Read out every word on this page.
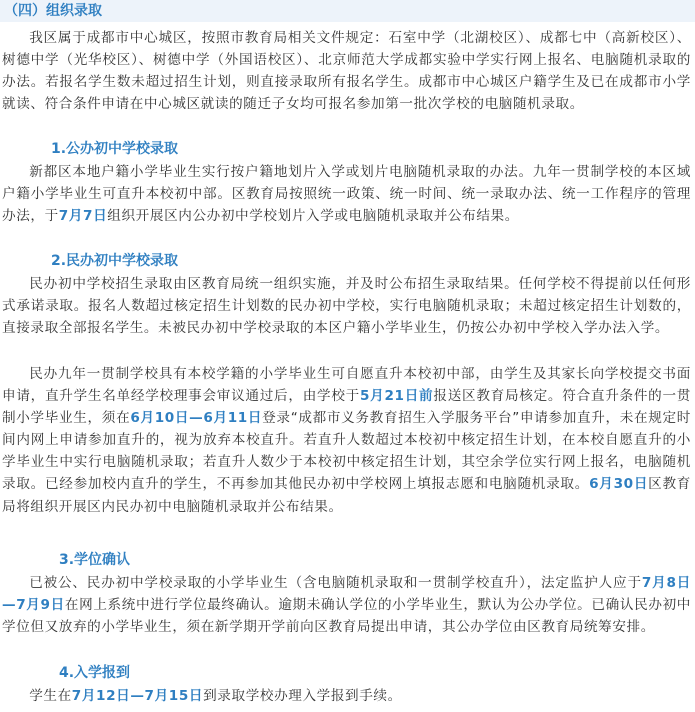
（四）组织录取

我区属于成都市中心城区，按照市教育局相关文件规定：石室中学（北湖校区）、成都七中（高新校区）、树德中学（光华校区）、树德中学（外国语校区）、北京师范大学成都实验中学实行网上报名、电脑随机录取的办法。若报名学生数未超过招生计划，则直接录取所有报名学生。成都市中心城区户籍学生及已在成都市小学就读、符合条件申请在中心城区就读的随迁子女均可报名参加第一批次学校的电脑随机录取。

1.公办初中学校录取

新都区本地户籍小学毕业生实行按户籍地划片入学或划片电脑随机录取的办法。九年一贯制学校的本区域户籍小学毕业生可直升本校初中部。区教育局按照统一政策、统一时间、统一录取办法、统一工作程序的管理办法，于7月7日组织开展区内公办初中学校划片入学或电脑随机录取并公布结果。

2.民办初中学校录取

民办初中学校招生录取由区教育局统一组织实施，并及时公布招生录取结果。任何学校不得提前以任何形式承诺录取。报名人数超过核定招生计划数的民办初中学校，实行电脑随机录取；未超过核定招生计划数的，直接录取全部报名学生。未被民办初中学校录取的本区户籍小学毕业生，仍按公办初中学校入学办法入学。

民办九年一贯制学校具有本校学籍的小学毕业生可自愿直升本校初中部，由学生及其家长向学校提交书面申请，直升学生名单经学校理事会审议通过后，由学校于5月21日前报送区教育局核定。符合直升条件的一贯制小学毕业生，须在6月10日—6月11日登录“成都市义务教育招生入学服务平台”申请参加直升，未在规定时间内网上申请参加直升的，视为放弃本校直升。若直升人数超过本校初中核定招生计划，在本校自愿直升的小学毕业生中实行电脑随机录取；若直升人数少于本校初中核定招生计划，其空余学位实行网上报名，电脑随机录取。已经参加校内直升的学生，不再参加其他民办初中学校网上填报志愿和电脑随机录取。6月30日区教育局将组织开展区内民办初中电脑随机录取并公布结果。

3.学位确认

已被公、民办初中学校录取的小学毕业生（含电脑随机录取和一贯制学校直升），法定监护人应于7月8日—7月9日在网上系统中进行学位最终确认。逾期未确认学位的小学毕业生，默认为公办学位。已确认民办初中学位但又放弃的小学毕业生，须在新学期开学前向区教育局提出申请，其公办学位由区教育局统筹安排。

4.入学报到

学生在7月12日—7月15日到录取学校办理入学报到手续。
